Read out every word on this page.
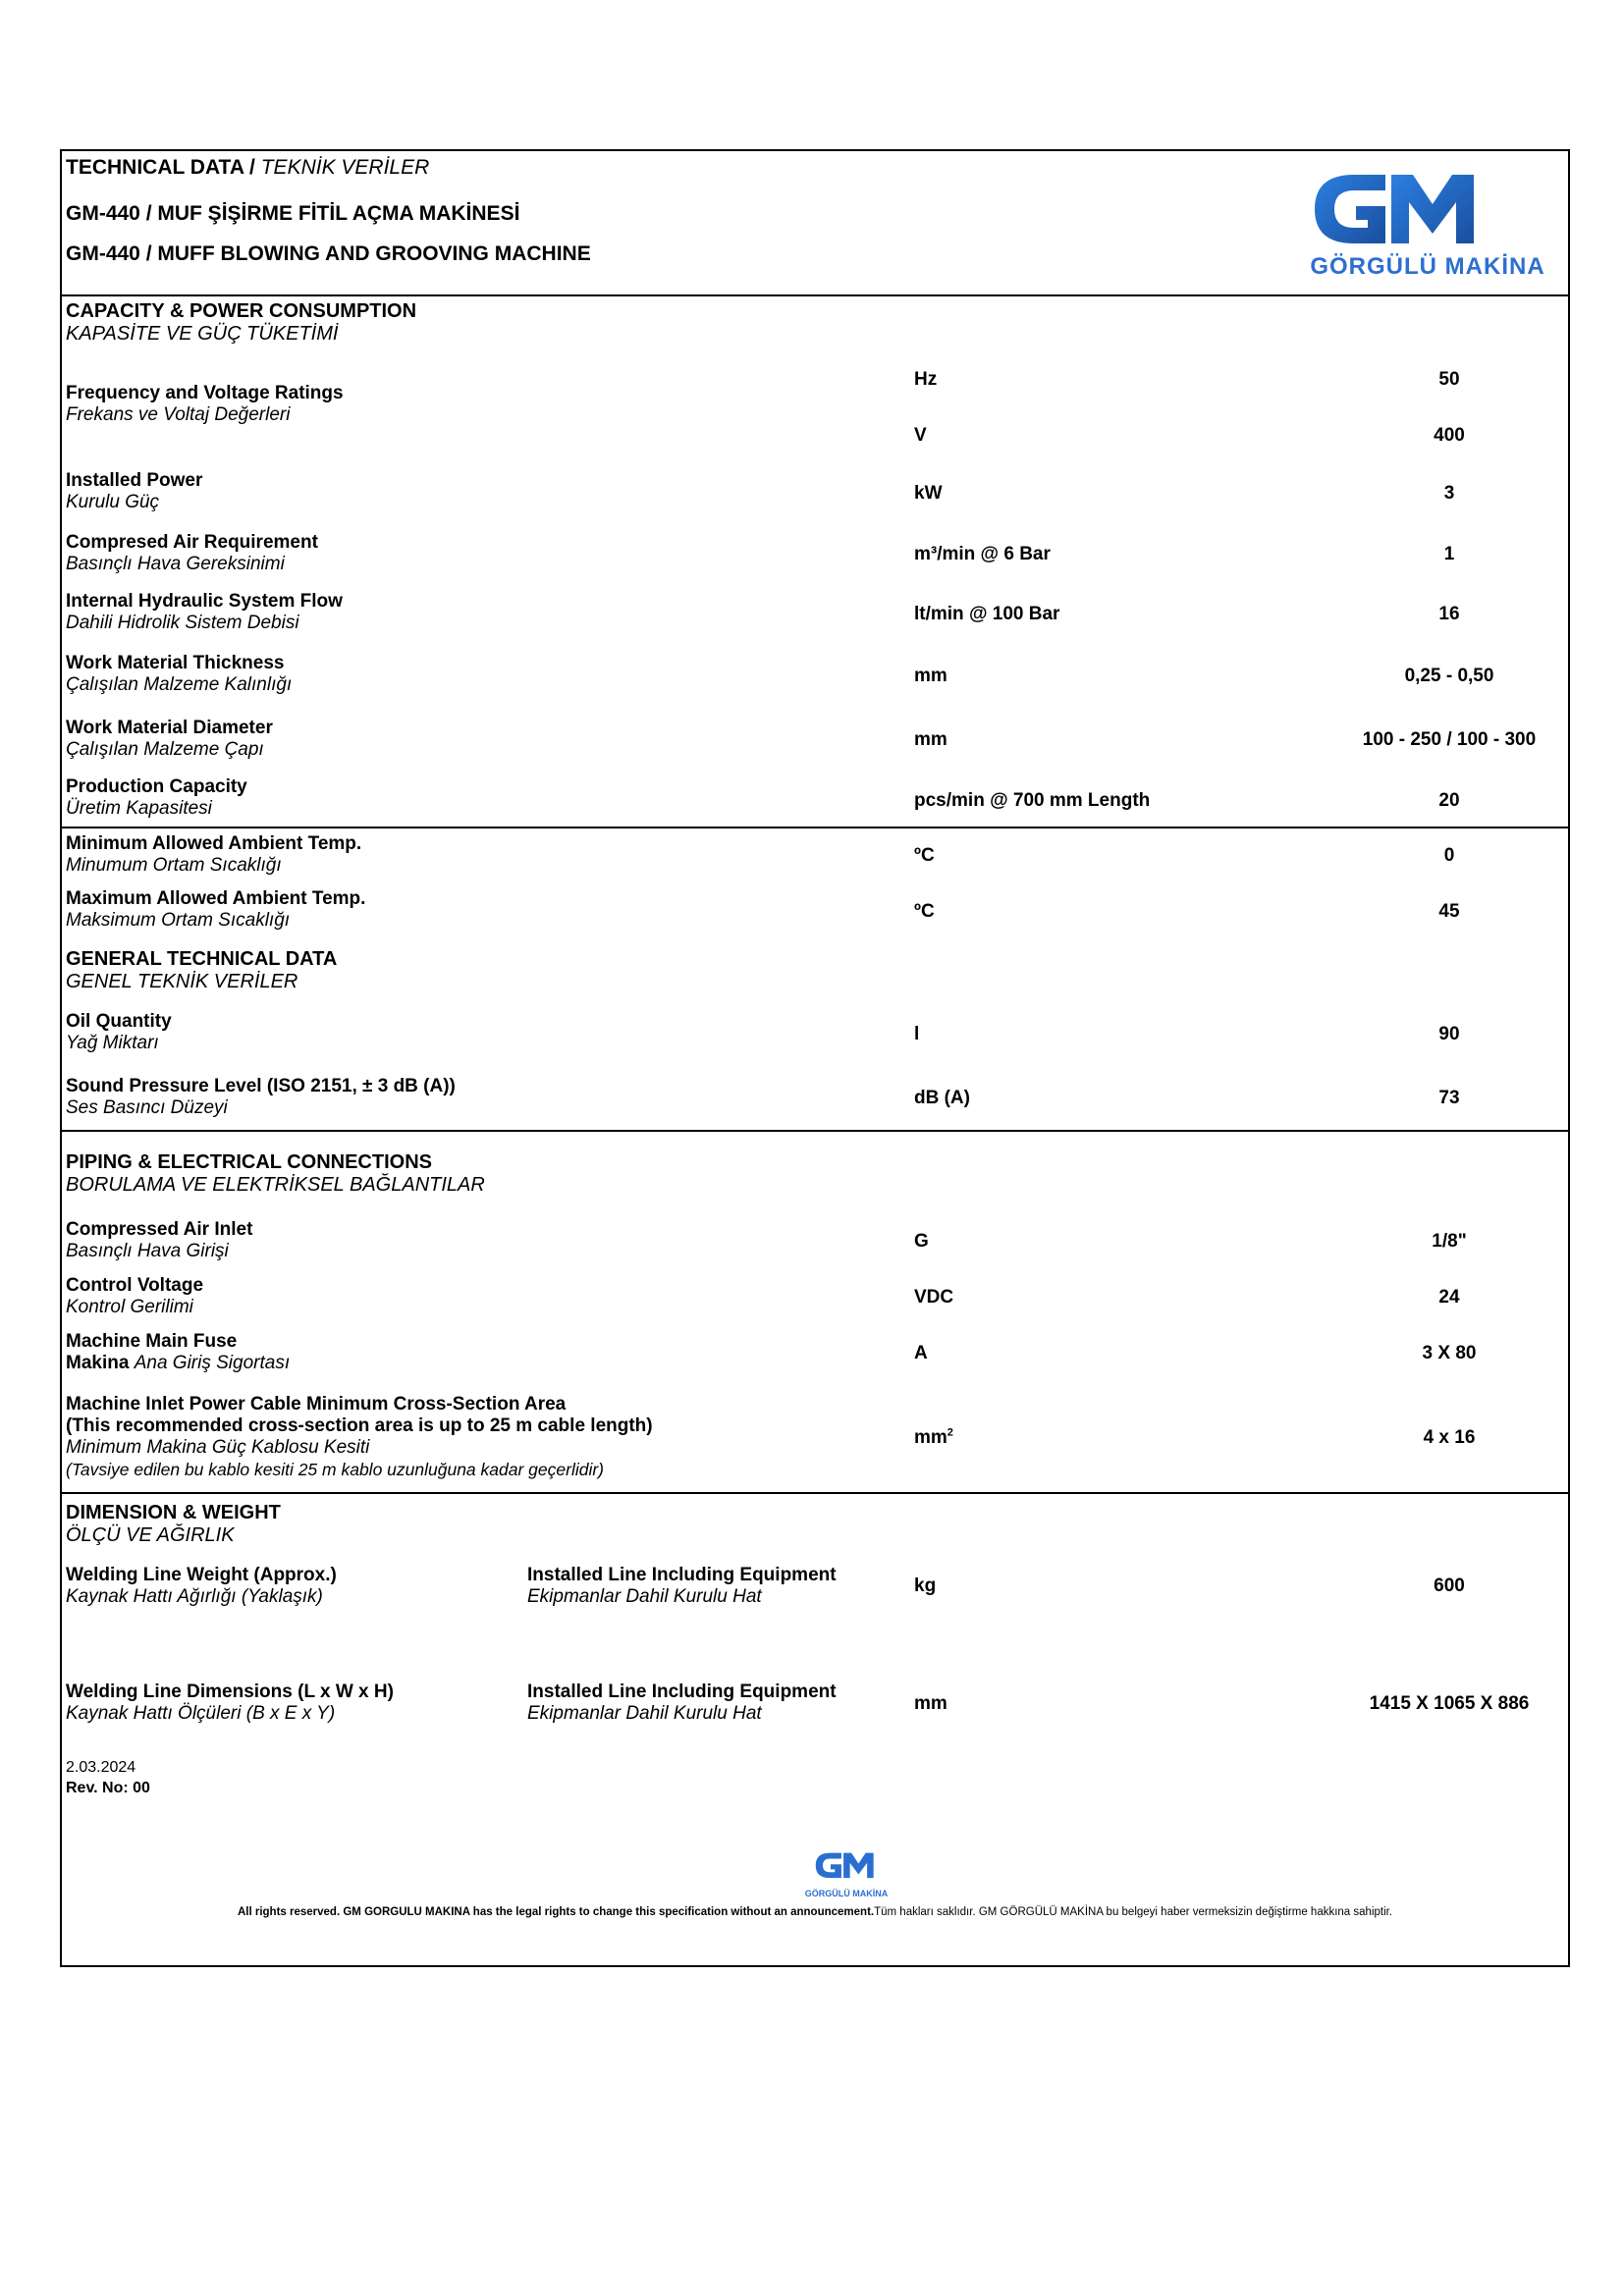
TECHNICAL DATA / TEKNİK VERİLER
GM-440 / MUF ŞİŞİRME FİTİL AÇMA MAKİNESİ
GM-440 / MUFF BLOWING AND GROOVING MACHINE	GÖRGÜLÜ MAKİNA
CAPACITY & POWER CONSUMPTION
KAPASİTE VE GÜÇ TÜKETİMİ
Frequency and Voltage Ratings
Frekans ve Voltaj Değerleri
Hz	50
V	400
Installed Power
Kurulu Güç	kW	3
Compresed Air Requirement
Basınçlı Hava Gereksinimi	m³/min @ 6 Bar	1
Internal Hydraulic System Flow
Dahili Hidrolik Sistem Debisi	lt/min @ 100 Bar	16
Work Material Thickness
Çalışılan Malzeme Kalınlığı	mm	0,25 - 0,50
Work Material Diameter
Çalışılan Malzeme Çapı	mm	100 - 250 / 100 - 300
Production Capacity
Üretim Kapasitesi	pcs/min @ 700 mm Length	20
Minimum Allowed Ambient Temp.
Minumum Ortam Sıcaklığı	ºC	0
Maximum Allowed Ambient Temp.
Maksimum Ortam Sıcaklığı	ºC	45
GENERAL TECHNICAL DATA
GENEL TEKNİK VERİLER
Oil Quantity
Yağ Miktarı	l	90
Sound Pressure Level (ISO 2151, ± 3 dB (A))
Ses Basıncı Düzeyi	dB (A)	73
PIPING & ELECTRICAL CONNECTIONS
BORULAMA VE ELEKTRİKSEL BAĞLANTILAR
Compressed Air Inlet
Basınçlı Hava Girişi	G	1/8"
Control Voltage
Kontrol Gerilimi	VDC	24
Machine Main Fuse
Makina Ana Giriş Sigortası	A	3 X 80
Machine Inlet Power Cable Minimum Cross-Section Area
(This recommended cross-section area is up to 25 m cable length)
Minimum Makina Güç Kablosu Kesiti
(Tavsiye edilen bu kablo kesiti 25 m kablo uzunluğuna kadar geçerlidir)
$mm^2$	4 x 16
DIMENSION & WEIGHT
ÖLÇÜ VE AĞIRLIK
Welding Line Weight (Approx.)
Kaynak Hattı Ağırlığı (Yaklaşık)
Installed Line Including Equipment
Ekipmanlar Dahil Kurulu Hat
kg	600
Welding Line Dimensions (L x W x H)
Kaynak Hattı Ölçüleri (B x E x Y)
Installed Line Including Equipment
Ekipmanlar Dahil Kurulu Hat	mm	1415 X 1065 X 886
2.03.2024
Rev. No: 00
GÖRGÜLÜ MAKİNA
All rights reserved. GM GORGULU MAKINA has the legal rights to change this specification without an announcement.Tüm hakları saklıdır. GM GÖRGÜLÜ MAKİNA bu belgeyi haber vermeksizin değiştirme hakkına sahiptir.
